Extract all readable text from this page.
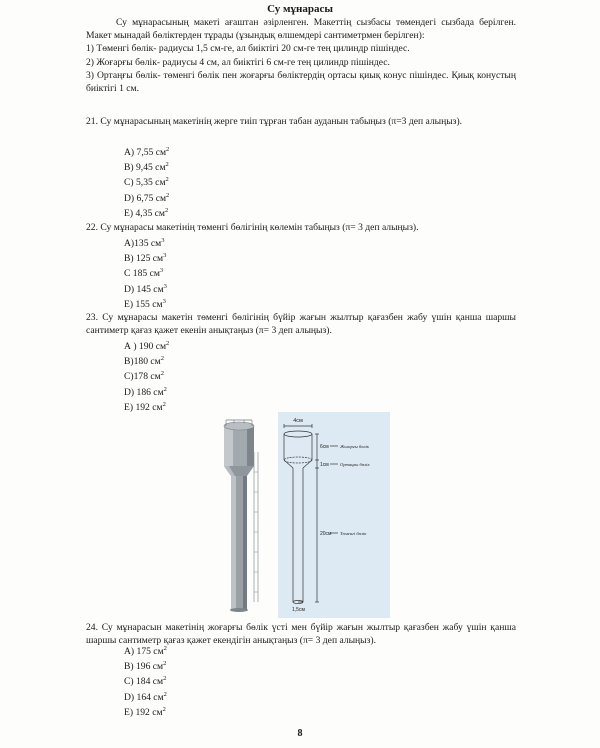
Су мұнарасы

Су мұнарасының макеті ағаштан әзірленген. Макеттің сызбасы төмендегі сызбада берілген. Макет мынадай бөліктерден тұрады (ұзындық өлшемдері сантиметрмен берілген):

1) Төменгі бөлік- радиусы 1,5 см-ге, ал биіктігі 20 см-ге тең цилиндр пішіндес.

2) Жоғарғы бөлік- радиусы 4 см, ал биіктігі 6 см-ге тең цилиндр пішіндес.

3) Ортаңғы бөлік- төменгі бөлік пен жоғарғы бөліктердің ортасы қиық конус пішіндес. Қиық конустың биіктігі 1 см.

21. Су мұнарасының макетінің жерге тиіп тұрған табан ауданын табыңыз (π=3 деп алыңыз).

А) 7,55 $см^2$
В) 9,45 $см^2$
С) 5,35 $см^2$
D) 6,75 $см^2$
Е) 4,35 $см^2$

22. Су мұнарасы макетінің төменгі бөлігінің көлемін табыңыз (π= 3 деп алыңыз).

А)135 $см^3$
В) 125 $см^3$
С 185 $см^3$
D) 145 $см^3$
Е) 155 $см^3$

23. Су мұнарасы макетін төменгі бөлігінің бүйір жағын жылтыр қағазбен жабу үшін қанша шаршы сантиметр қағаз қажет екенін анықтаңыз (π= 3 деп алыңыз).

А ) 190 $см^2$
В)180 $см^2$
С)178 $см^2$
D) 186 $см^2$
Е) 192 $см^2$
4см
6см
1см
20см
1,5см
Жоғарғы бөлік
Ортаңғы бөлік
Төменгі бөлік

24. Су мұнарасын макетінің жоғарғы бөлік үсті мен бүйір жағын жылтыр қағазбен жабу үшін қанша шаршы сантиметр қағаз қажет екендігін анықтаңыз (π= 3 деп алыңыз).

А) 175 $см^2$
В) 196 $см^2$
С) 184 $см^2$
D) 164 $см^2$
Е) 192 $см^2$
8
